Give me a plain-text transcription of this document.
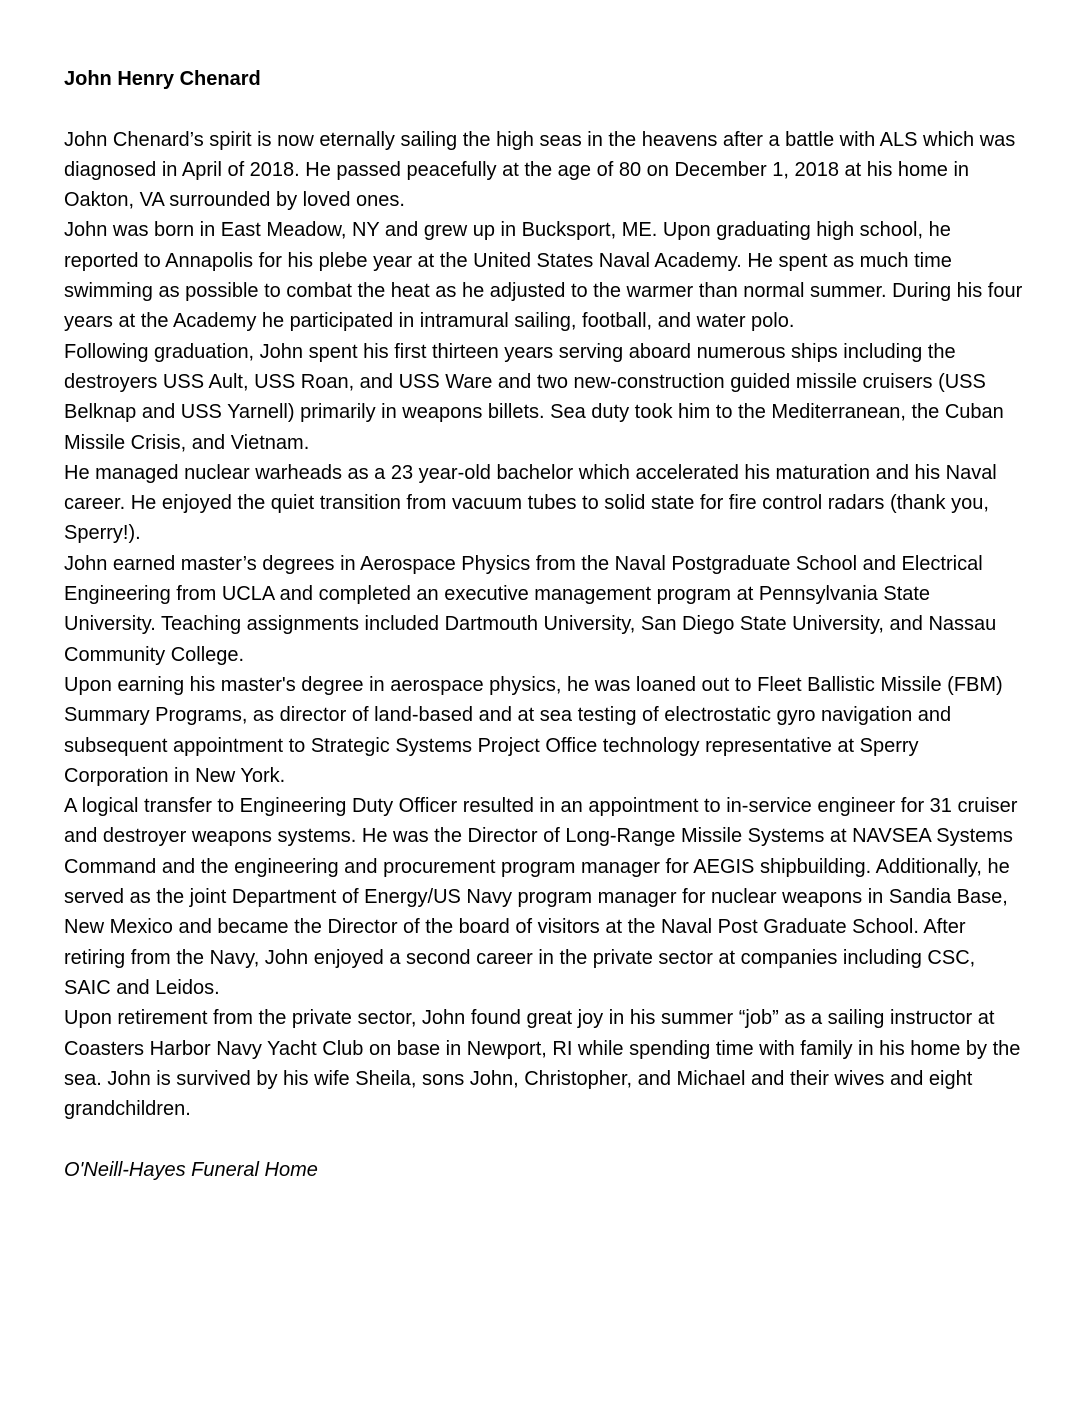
John Henry Chenard

John Chenard’s spirit is now eternally sailing the high seas in the heavens after a battle with ALS which was diagnosed in April of 2018. He passed peacefully at the age of 80 on December 1, 2018 at his home in Oakton, VA surrounded by loved ones.

John was born in East Meadow, NY and grew up in Bucksport, ME. Upon graduating high school, he reported to Annapolis for his plebe year at the United States Naval Academy. He spent as much time swimming as possible to combat the heat as he adjusted to the warmer than normal summer. During his four years at the Academy he participated in intramural sailing, football, and water polo.

Following graduation, John spent his first thirteen years serving aboard numerous ships including the destroyers USS Ault, USS Roan, and USS Ware and two new-construction guided missile cruisers (USS Belknap and USS Yarnell) primarily in weapons billets. Sea duty took him to the Mediterranean, the Cuban Missile Crisis, and Vietnam.

He managed nuclear warheads as a 23 year-old bachelor which accelerated his maturation and his Naval career. He enjoyed the quiet transition from vacuum tubes to solid state for fire control radars (thank you, Sperry!).

John earned master’s degrees in Aerospace Physics from the Naval Postgraduate School and Electrical Engineering from UCLA and completed an executive management program at Pennsylvania State University. Teaching assignments included Dartmouth University, San Diego State University, and Nassau Community College.

Upon earning his master's degree in aerospace physics, he was loaned out to Fleet Ballistic Missile (FBM) Summary Programs, as director of land-based and at sea testing of electrostatic gyro navigation and subsequent appointment to Strategic Systems Project Office technology representative at Sperry Corporation in New York.

A logical transfer to Engineering Duty Officer resulted in an appointment to in-service engineer for 31 cruiser and destroyer weapons systems. He was the Director of Long-Range Missile Systems at NAVSEA Systems Command and the engineering and procurement program manager for AEGIS shipbuilding. Additionally, he served as the joint Department of Energy/US Navy program manager for nuclear weapons in Sandia Base, New Mexico and became the Director of the board of visitors at the Naval Post Graduate School. After retiring from the Navy, John enjoyed a second career in the private sector at companies including CSC, SAIC and Leidos.

Upon retirement from the private sector, John found great joy in his summer “job” as a sailing instructor at Coasters Harbor Navy Yacht Club on base in Newport, RI while spending time with family in his home by the sea. John is survived by his wife Sheila, sons John, Christopher, and Michael and their wives and eight grandchildren.

O'Neill-Hayes Funeral Home
